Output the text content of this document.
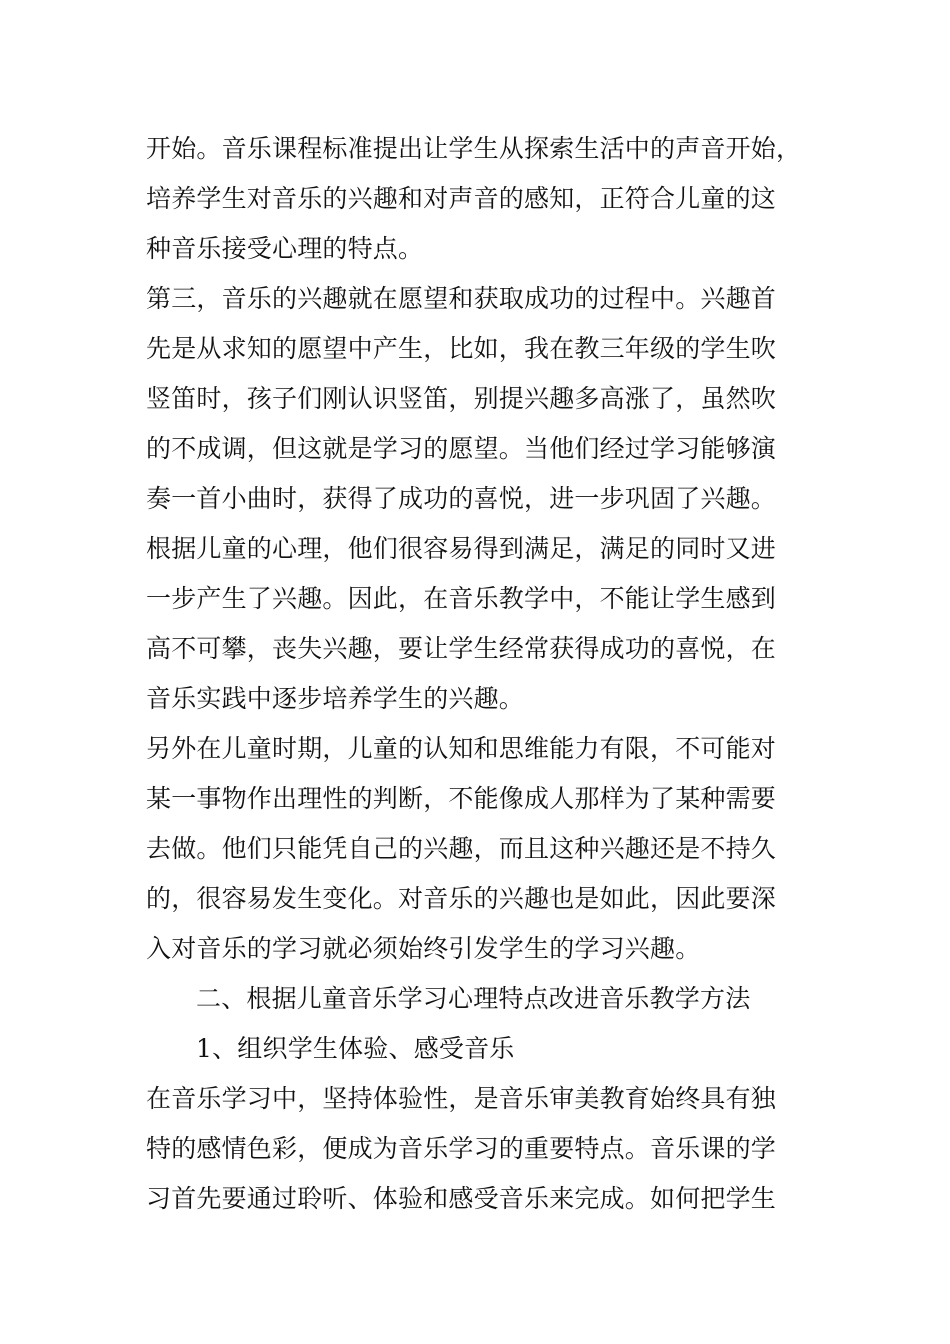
开始。音乐课程标准提出让学生从探索生活中的声音开始，
培养学生对音乐的兴趣和对声音的感知，正符合儿童的这
种音乐接受心理的特点。
第三，音乐的兴趣就在愿望和获取成功的过程中。兴趣首
先是从求知的愿望中产生，比如，我在教三年级的学生吹
竖笛时，孩子们刚认识竖笛，别提兴趣多高涨了，虽然吹
的不成调，但这就是学习的愿望。当他们经过学习能够演
奏一首小曲时，获得了成功的喜悦，进一步巩固了兴趣。
根据儿童的心理，他们很容易得到满足，满足的同时又进
一步产生了兴趣。因此，在音乐教学中，不能让学生感到
高不可攀，丧失兴趣，要让学生经常获得成功的喜悦，在
音乐实践中逐步培养学生的兴趣。
另外在儿童时期，儿童的认知和思维能力有限，不可能对
某一事物作出理性的判断，不能像成人那样为了某种需要
去做。他们只能凭自己的兴趣，而且这种兴趣还是不持久
的，很容易发生变化。对音乐的兴趣也是如此，因此要深
入对音乐的学习就必须始终引发学生的学习兴趣。
二、根据儿童音乐学习心理特点改进音乐教学方法
1、组织学生体验、感受音乐
在音乐学习中，坚持体验性，是音乐审美教育始终具有独
特的感情色彩，便成为音乐学习的重要特点。音乐课的学
习首先要通过聆听、体验和感受音乐来完成。如何把学生
